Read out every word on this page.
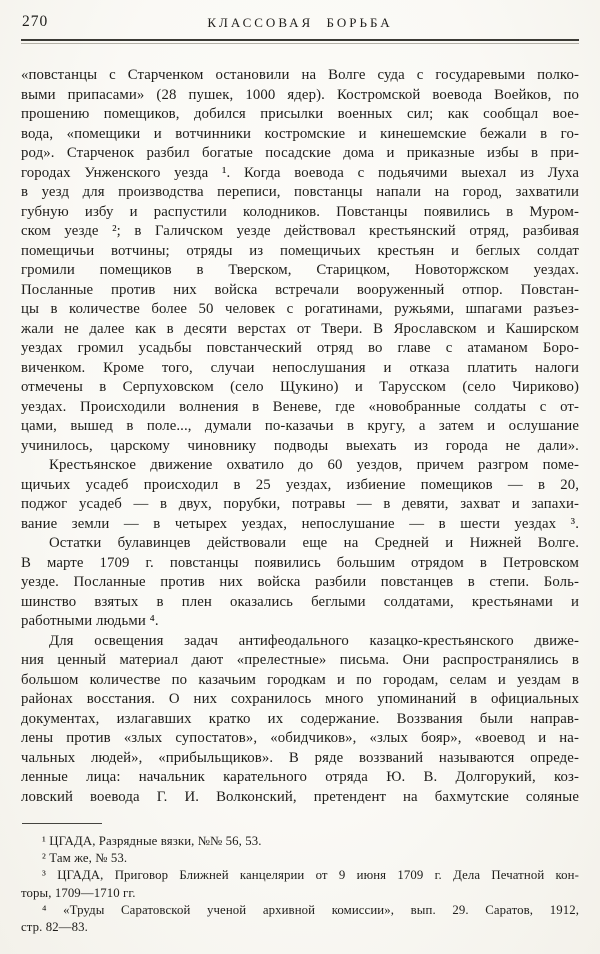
270	КЛАССОВАЯ БОРЬБА
«повстанцы с Старченком остановили на Волге суда с государевыми полко-
выми припасами» (28 пушек, 1000 ядер). Костромской воевода Воейков, по
прошению помещиков, добился присылки военных сил; как сообщал вое-
вода, «помещики и вотчинники костромские и кинешемские бежали в го-
род». Старченок разбил богатые посадские дома и приказные избы в при-
городах Унженского уезда ¹. Когда воевода с подьячими выехал из Луха
в уезд для производства переписи, повстанцы напали на город, захватили
губную избу и распустили колодников. Повстанцы появились в Муром-
ском уезде ²; в Галичском уезде действовал крестьянский отряд, разбивая
помещичьи вотчины; отряды из помещичьих крестьян и беглых солдат
громили помещиков в Тверском, Старицком, Новоторжском уездах.
Посланные против них войска встречали вооруженный отпор. Повстан-
цы в количестве более 50 человек с рогатинами, ружьями, шпагами разъез-
жали не далее как в десяти верстах от Твери. В Ярославском и Каширском
уездах громил усадьбы повстанческий отряд во главе с атаманом Боро-
виченком. Кроме того, случаи непослушания и отказа платить налоги
отмечены в Серпуховском (село Щукино) и Тарусском (село Чириково)
уездах. Происходили волнения в Веневе, где «новобранные солдаты с от-
цами, вышед в поле..., думали по-казачьи в кругу, а затем и ослушание
учинилось, царскому чиновнику подводы выехать из города не дали».
Крестьянское движение охватило до 60 уездов, причем разгром поме-
щичьих усадеб происходил в 25 уездах, избиение помещиков — в 20,
поджог усадеб — в двух, порубки, потравы — в девяти, захват и запахи-
вание земли — в четырех уездах, непослушание — в шести уездах ³.
Остатки булавинцев действовали еще на Средней и Нижней Волге.
В марте 1709 г. повстанцы появились большим отрядом в Петровском
уезде. Посланные против них войска разбили повстанцев в степи. Боль-
шинство взятых в плен оказались беглыми солдатами, крестьянами и
работными людьми ⁴.
Для освещения задач антифеодального казацко-крестьянского движе-
ния ценный материал дают «прелестные» письма. Они распространялись в
большом количестве по казачьим городкам и по городам, селам и уездам в
районах восстания. О них сохранилось много упоминаний в официальных
документах, излагавших кратко их содержание. Воззвания были направ-
лены против «злых супостатов», «обидчиков», «злых бояр», «воевод и на-
чальных людей», «прибыльщиков». В ряде воззваний называются опреде-
ленные лица: начальник карательного отряда Ю. В. Долгорукий, коз-
ловский воевода Г. И. Волконский, претендент на бахмутские соляные
¹ ЦГАДА, Разрядные вязки, №№ 56, 53.
² Там же, № 53.
³ ЦГАДА, Приговор Ближней канцелярии от 9 июня 1709 г. Дела Печатной кон-
торы, 1709—1710 гг.
⁴ «Труды Саратовской ученой архивной комиссии», вып. 29. Саратов, 1912,
стр. 82—83.
